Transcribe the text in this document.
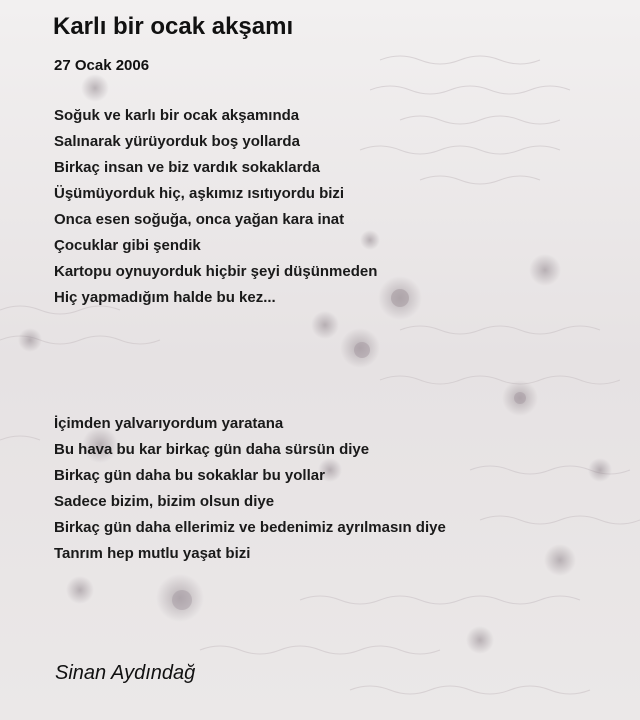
Karlı bir ocak akşamı
27 Ocak 2006
Soğuk ve karlı bir ocak akşamında
Salınarak yürüyorduk boş yollarda
Birkaç insan ve biz vardık sokaklarda
Üşümüyorduk hiç, aşkımız ısıtıyordu bizi
Onca esen soğuğa, onca yağan kara inat
Çocuklar gibi şendik
Kartopu oynuyorduk hiçbir şeyi düşünmeden
Hiç yapmadığım halde bu kez...
İçimden yalvarıyordum yaratana
Bu hava bu kar birkaç gün daha sürsün diye
Birkaç gün daha bu sokaklar bu yollar
Sadece bizim, bizim olsun diye
Birkaç gün daha ellerimiz ve bedenimiz ayrılmasın diye
Tanrım hep mutlu yaşat bizi
Sinan Aydındağ
